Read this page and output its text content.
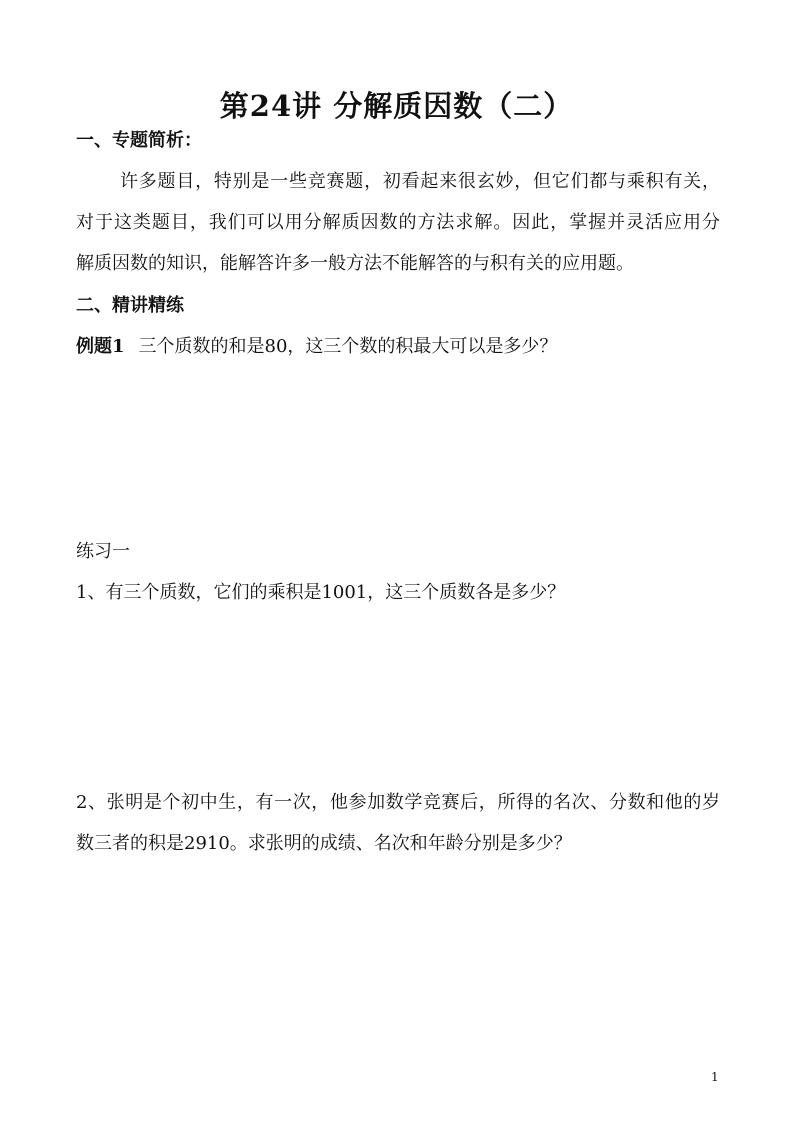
第24讲 分解质因数（二）
一、专题简析：
许多题目，特别是一些竞赛题，初看起来很玄妙，但它们都与乘积有关，
对于这类题目，我们可以用分解质因数的方法求解。因此，掌握并灵活应用分
解质因数的知识，能解答许多一般方法不能解答的与积有关的应用题。
二、精讲精练
例题1 三个质数的和是80，这三个数的积最大可以是多少？
练习一
1、有三个质数，它们的乘积是1001，这三个质数各是多少？
2、张明是个初中生，有一次，他参加数学竞赛后，所得的名次、分数和他的岁
数三者的积是2910。求张明的成绩、名次和年龄分别是多少？
1
